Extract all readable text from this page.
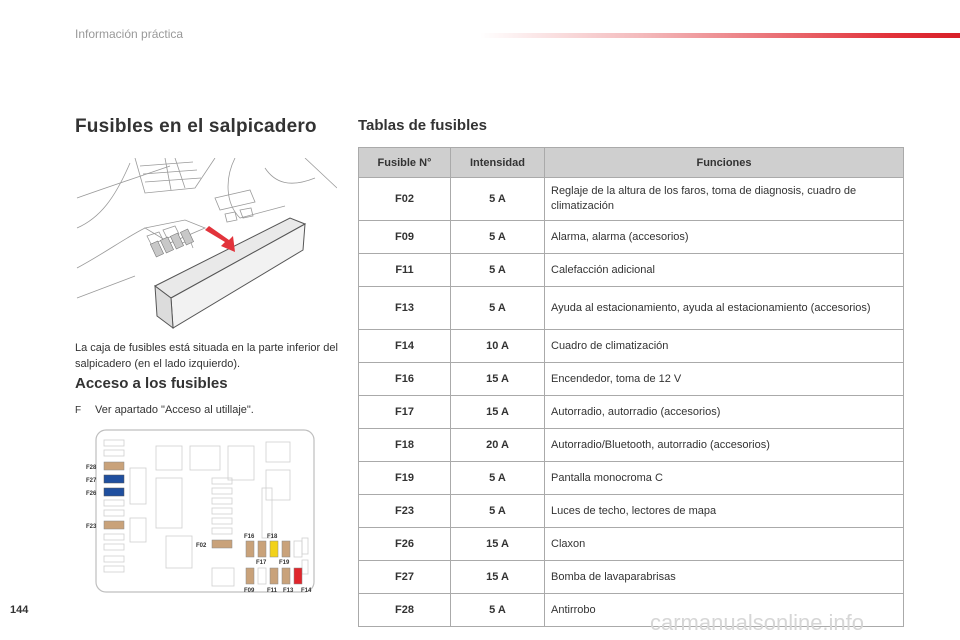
Información práctica
Fusibles en el salpicadero	Tablas de fusibles
La caja de fusibles está situada en la parte inferior del salpicadero (en el lado izquierdo).
Acceso a los fusibles
F Ver apartado "Acceso al utillaje".
F28
F27
F26
F23
F02
F16 F18
F17 F19
F09 F11 F13 F14
Fusible N°	Intensidad	Funciones
F02	5 A	Reglaje de la altura de los faros, toma de diagnosis, cuadro de climatización
F09	5 A	Alarma, alarma (accesorios)
F11	5 A	Calefacción adicional
F13	5 A	Ayuda al estacionamiento, ayuda al estacionamiento (accesorios)
F14	10 A	Cuadro de climatización
F16	15 A	Encendedor, toma de 12 V
F17	15 A	Autorradio, autorradio (accesorios)
F18	20 A	Autorradio/Bluetooth, autorradio (accesorios)
F19	5 A	Pantalla monocroma C
F23	5 A	Luces de techo, lectores de mapa
F26	15 A	Claxon
F27	15 A	Bomba de lavaparabrisas
F28	5 A	Antirrobo
144	carmanualsonline.info
